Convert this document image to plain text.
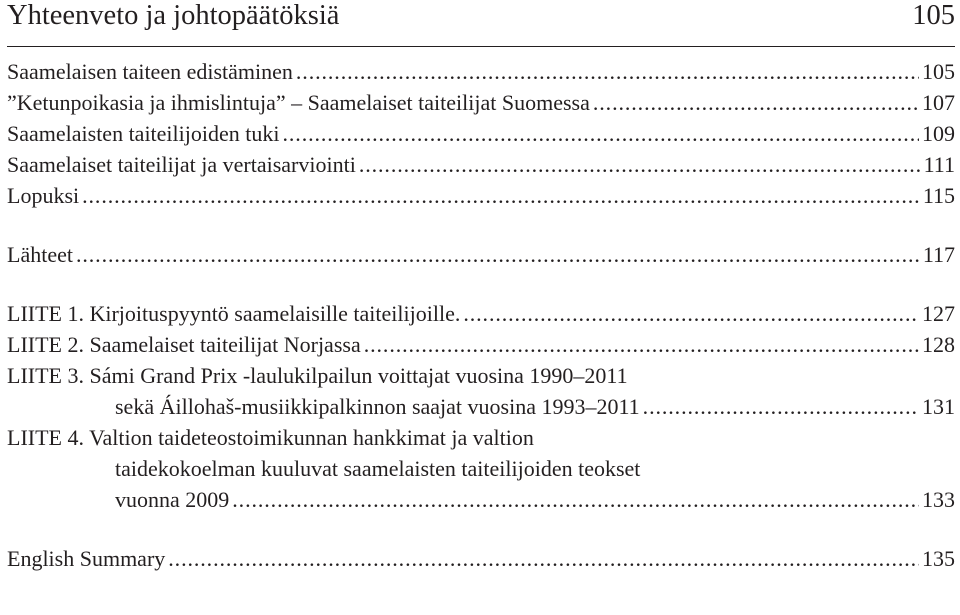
Yhteenveto ja johtopäätöksiä	105
Saamelaisen taiteen edistäminen . . .	105
”Ketunpoikasia ja ihmislintuja” – Saamelaiset taiteilijat Suomessa . . .	107
Saamelaisten taiteilijoiden tuki . . .	109
Saamelaiset taiteilijat ja vertaisarviointi . . .	111
Lopuksi . . .	115
Lähteet . . .	117
LIITE 1. Kirjoituspyyntö saamelaisille taiteilijoille. . . .	127
LIITE 2. Saamelaiset taiteilijat Norjassa . . .	128
LIITE 3. Sámi Grand Prix -laulukilpailun voittajat vuosina 1990–2011
sekä Áillohaš-musiikkipalkinnon saajat vuosina 1993–2011 . . .	131
LIITE 4. Valtion taideteostoimikunnan hankkimat ja valtion
taidekokoelman kuuluvat saamelaisten taiteilijoiden teokset
vuonna 2009 . . .	133
English Summary . . .	135
